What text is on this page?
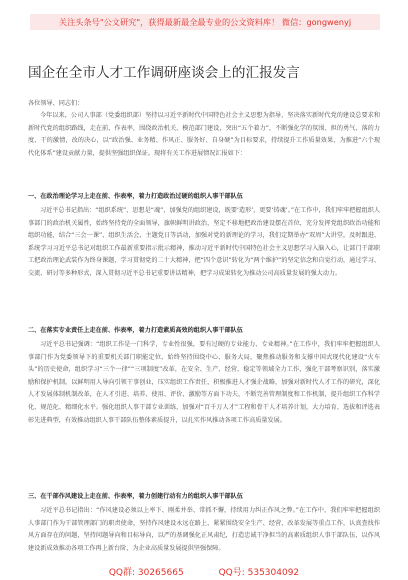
关注头条号"公文研究"，获得最新最全最专业的公文资料库！ 微信：gongwenyj
国企在全市人才工作调研座谈会上的汇报发言
各位领导、同志们：
今年以来，公司人事部（党委组织部）坚持以习近平新时代中国特色社会主义思想为指导，坚决落实新时代党的建设总要求和新时代党的组织路线，走在前、作表率，围绕政治机关、模范部门建设，突出“五个着力”，不断强化学的氛围、担的勇气、落的力度、干的激情，改的决心，以“政治强、业务精、作风正、服务好、自身硬”为目标要求，持续提升工作质量效果，为推进“六个现代化体系”建设贡献力量，提供坚强组织保证。现将有关工作进展情况汇报如下：
一、在政治理论学习上走在前、作表率，着力打造政治过硬的组织人事干部队伍
习近平总书记指出：“组织系统”、思想是“魂”，加强党的组织建设，既要‘造形’，更要‘铸魂’。”在工作中，我们牢牢把握组织人事部门的政治机关属性，始终坚持党的全面领导，旗帜鲜明讲政治，坚定不移地把政治建设摆在首位，充分发挥党组织政治功能和组织功能，结合“三会一课”、组织生活会、主题党日等活动，加强对党的新理论的学习，我们定期举办“双周”大讲堂，及时跟进、系统学习习近平总书记对组织工作最新重要指示批示精神，推动习近平新时代中国特色社会主义思想学习入脑入心，让部门干部职工把政治理论武装作为终身课题，学习贯彻党的二十大精神，把“四个意识”转化为“两个维护”的坚定信念和自觉行动，通过学习、交流、研讨等多种形式，深入贯彻习近平总书记重要讲话精神，把学习成果转化为推动公司高质量发展的强大动力。
二、在落实专业责任上走在前、作表率，着力打造素质高效的组织人事干部队伍
习近平总书记强调：“组织工作是一门科学，专业性很强，要有过硬的专业能力、专业精神。”在工作中，我们牢牢把握组织人事部门作为党委领导下的重要机关部门职能定位，始终坚持围绕中心、服务大局，聚焦推动服务和支撑中国式现代化建设“火车头”的历史使命，组织学习“三个一律”“三项制度”改革，在安全、生产、经营、稳定等领域全力工作，强化干部考察识别，落实激励和保护机制，以鲜明用人导向引领干事创业，压实组织工作责任，积极推进人才强企战略，加强对新时代人才工作的研究，深化人才发展体制机制改革，在人才引进、培养、使用、评价、激励等方面下功夫，不断完善管理制度和工作机制，提升组织工作科学化、规范化、精细化水平。强化组织人事干部专业训练，加强对“百千万人才”工程和骨干人才培养计划，大力培育、选拔和评选表彰先进典型，有效推动组织人事干部队伍整体素质提升，以扎实作风推动各项工作高质量发展。
三、在干部作风建设上走在前、作表率，着力创建行动有力的组织人事干部队伍
习近平总书记指出：“作风建设必须以上率下、刚柔并举、常抓不懈，持续用力纠正作风之弊。”在工作中，我们牢牢把握组织人事部门作为干部管理部门的职责使命，坚持作风建设永远在路上，紧紧围绕安全生产、经营、改革发展等重点工作，认真查找作风方面存在的问题，坚持问题导向和目标导向，以严的基调强化正风肃纪，打造忠诚干净担当的高素质组织人事干部队伍，以作风建设新成效推动各项工作再上新台阶，为企业高质量发展提供坚强保障。
QQ群: 30265665	QQ号: 535304092
